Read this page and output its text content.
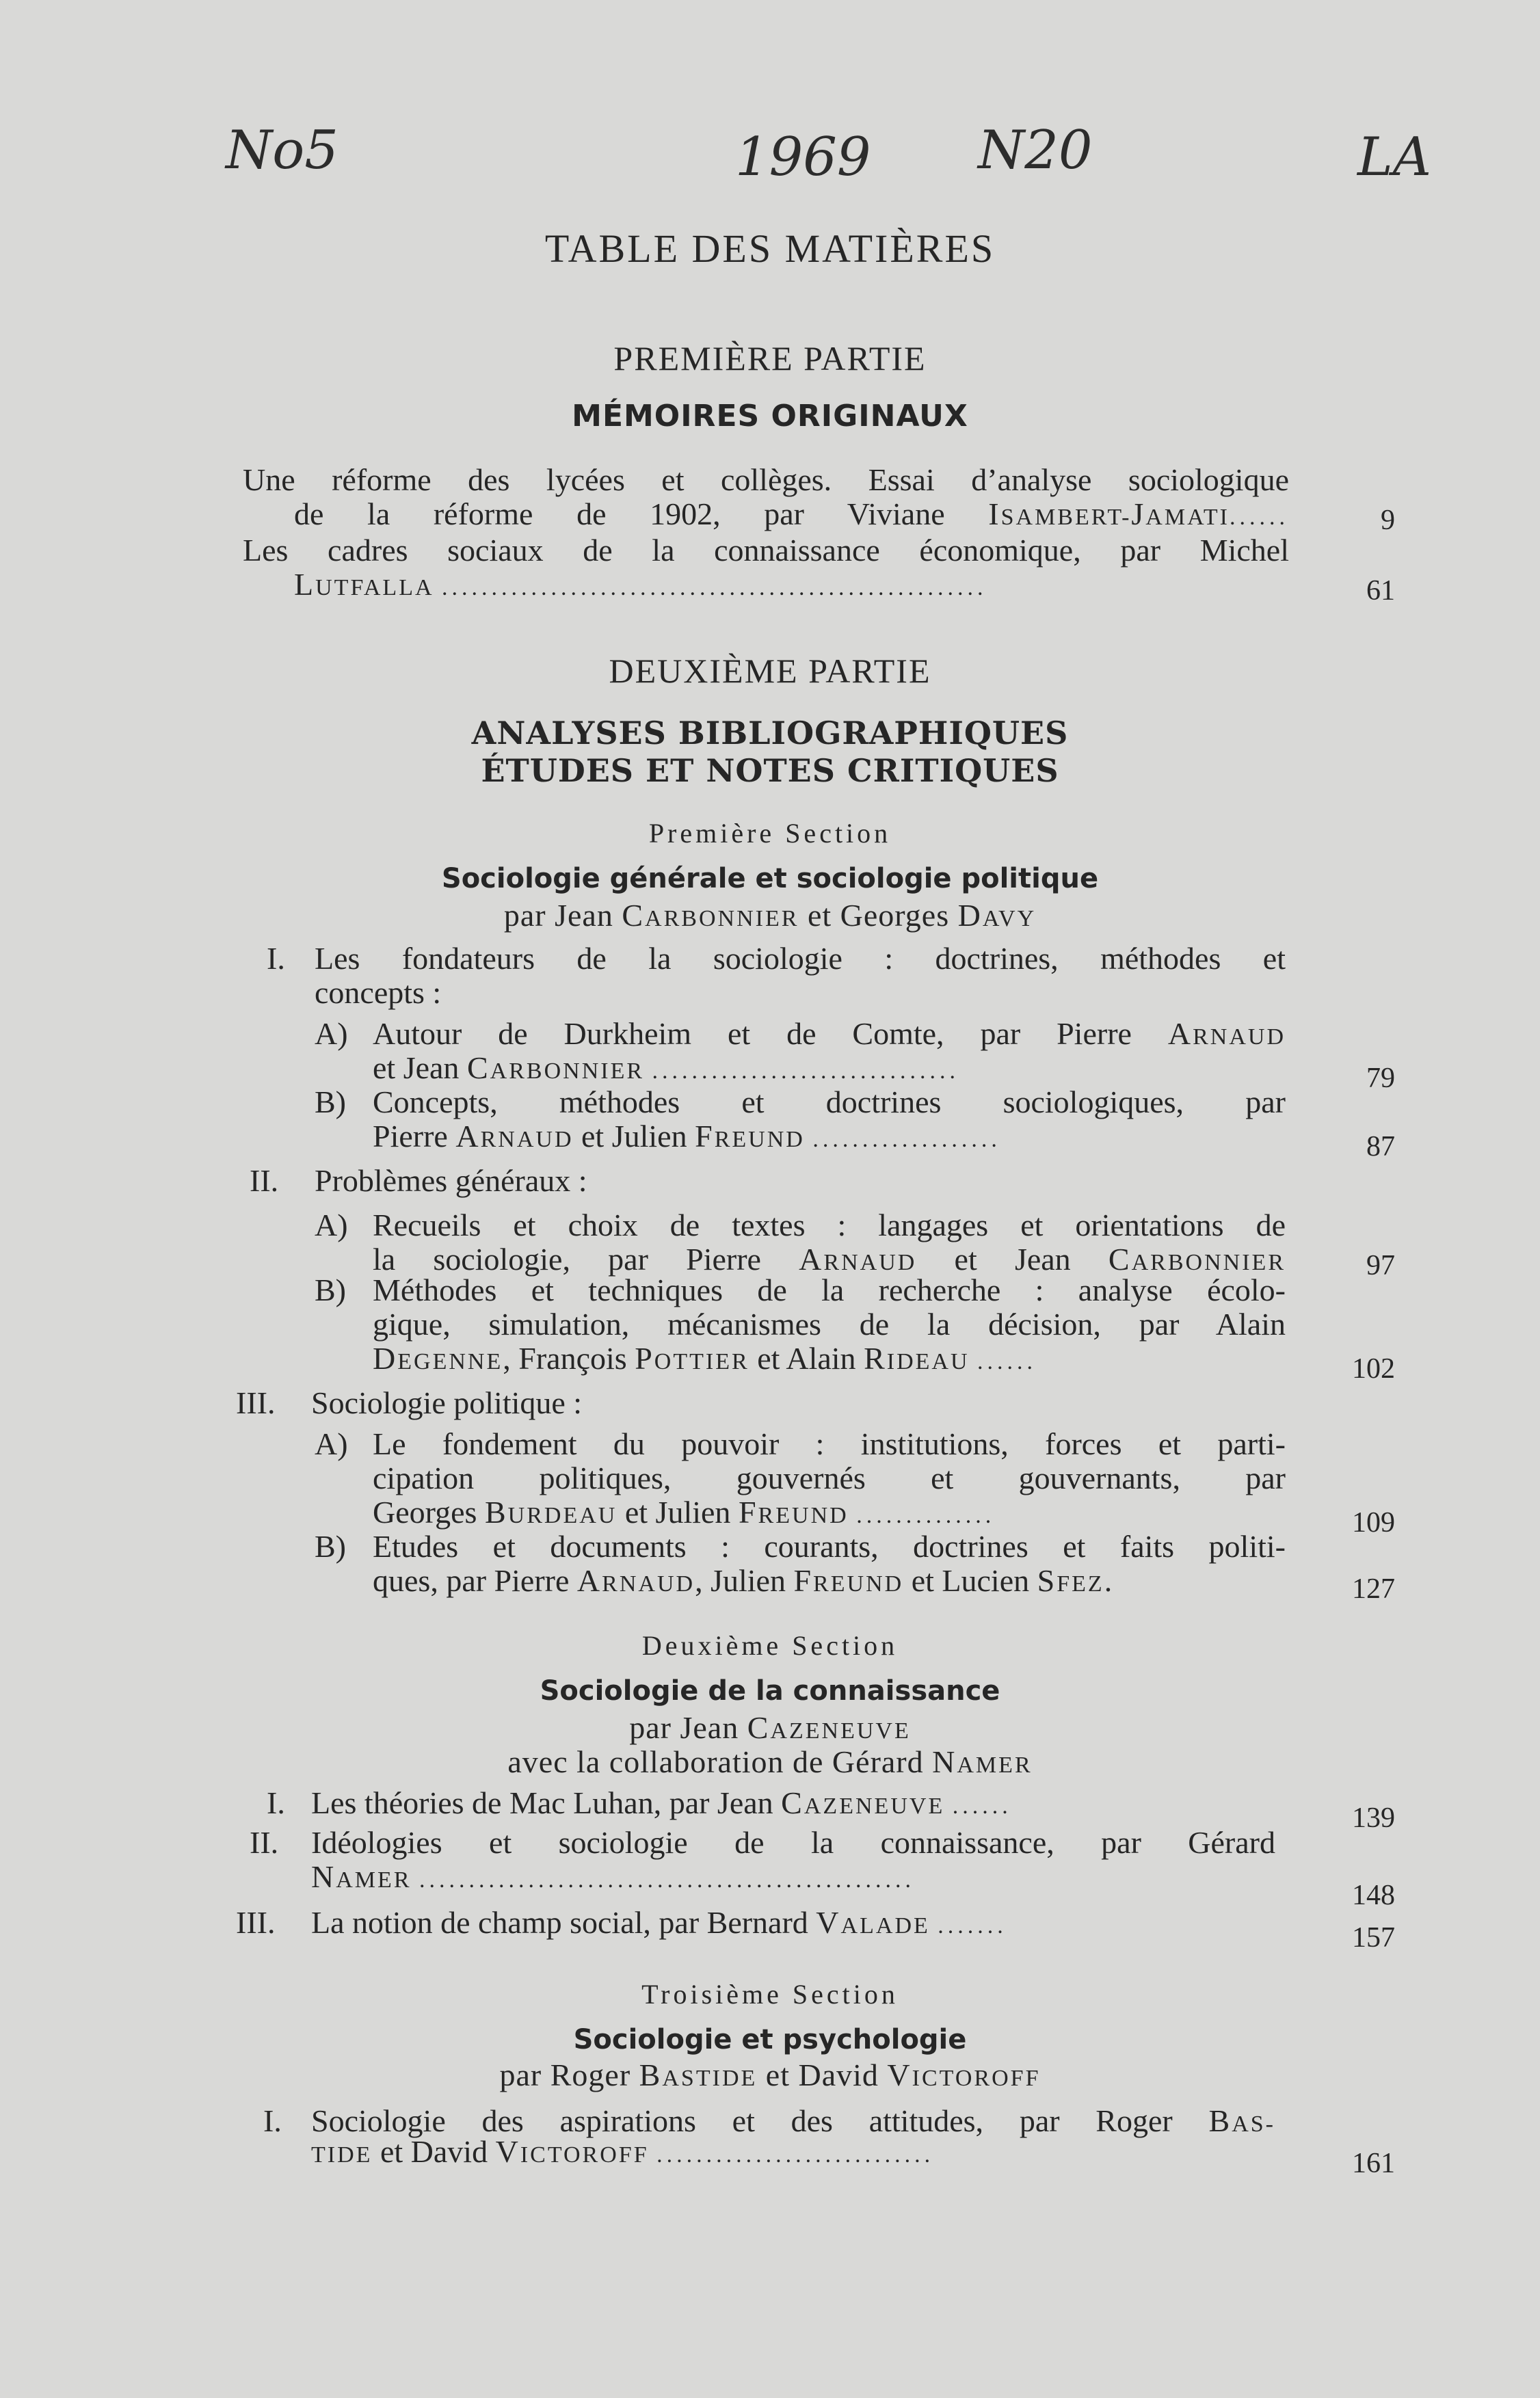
No5	1969 N20	LA
TABLE DES MATIÈRES
PREMIÈRE PARTIE
MÉMOIRES ORIGINAUX
Une réforme des lycées et collèges. Essai d’analyse sociologique
de la réforme de 1902, par Viviane ISAMBERT-JAMATI......	9
Les cadres sociaux de la connaissance économique, par Michel
LUTFALLA .......................................................	61
DEUXIÈME PARTIE
ANALYSES BIBLIOGRAPHIQUES
ÉTUDES ET NOTES CRITIQUES
Première Section
Sociologie générale et sociologie politique
par Jean CARBONNIER et Georges DAVY
I. Les fondateurs de la sociologie : doctrines, méthodes et
concepts :
A) Autour de Durkheim et de Comte, par Pierre ARNAUD
et Jean CARBONNIER ...............................	79
B) Concepts, méthodes et doctrines sociologiques, par
Pierre ARNAUD et Julien FREUND ...................	87
II. Problèmes généraux :
A) Recueils et choix de textes : langages et orientations de
la sociologie, par Pierre ARNAUD et Jean CARBONNIER	97
B) Méthodes et techniques de la recherche : analyse écolo-
gique, simulation, mécanismes de la décision, par Alain
DEGENNE, François POTTIER et Alain RIDEAU ......	102
III. Sociologie politique :
A) Le fondement du pouvoir : institutions, forces et parti-
cipation politiques, gouvernés et gouvernants, par
Georges BURDEAU et Julien FREUND ..............	109
B) Etudes et documents : courants, doctrines et faits politi-
ques, par Pierre ARNAUD, Julien FREUND et Lucien SFEZ.	127
Deuxième Section
Sociologie de la connaissance
par Jean CAZENEUVE
avec la collaboration de Gérard NAMER
I. Les théories de Mac Luhan, par Jean CAZENEUVE ......	139
II. Idéologies et sociologie de la connaissance, par Gérard
NAMER ..................................................	148
III. La notion de champ social, par Bernard VALADE .......	157
Troisième Section
Sociologie et psychologie
par Roger BASTIDE et David VICTOROFF
I. Sociologie des aspirations et des attitudes, par Roger BAS-
TIDE et David VICTOROFF ............................	161
